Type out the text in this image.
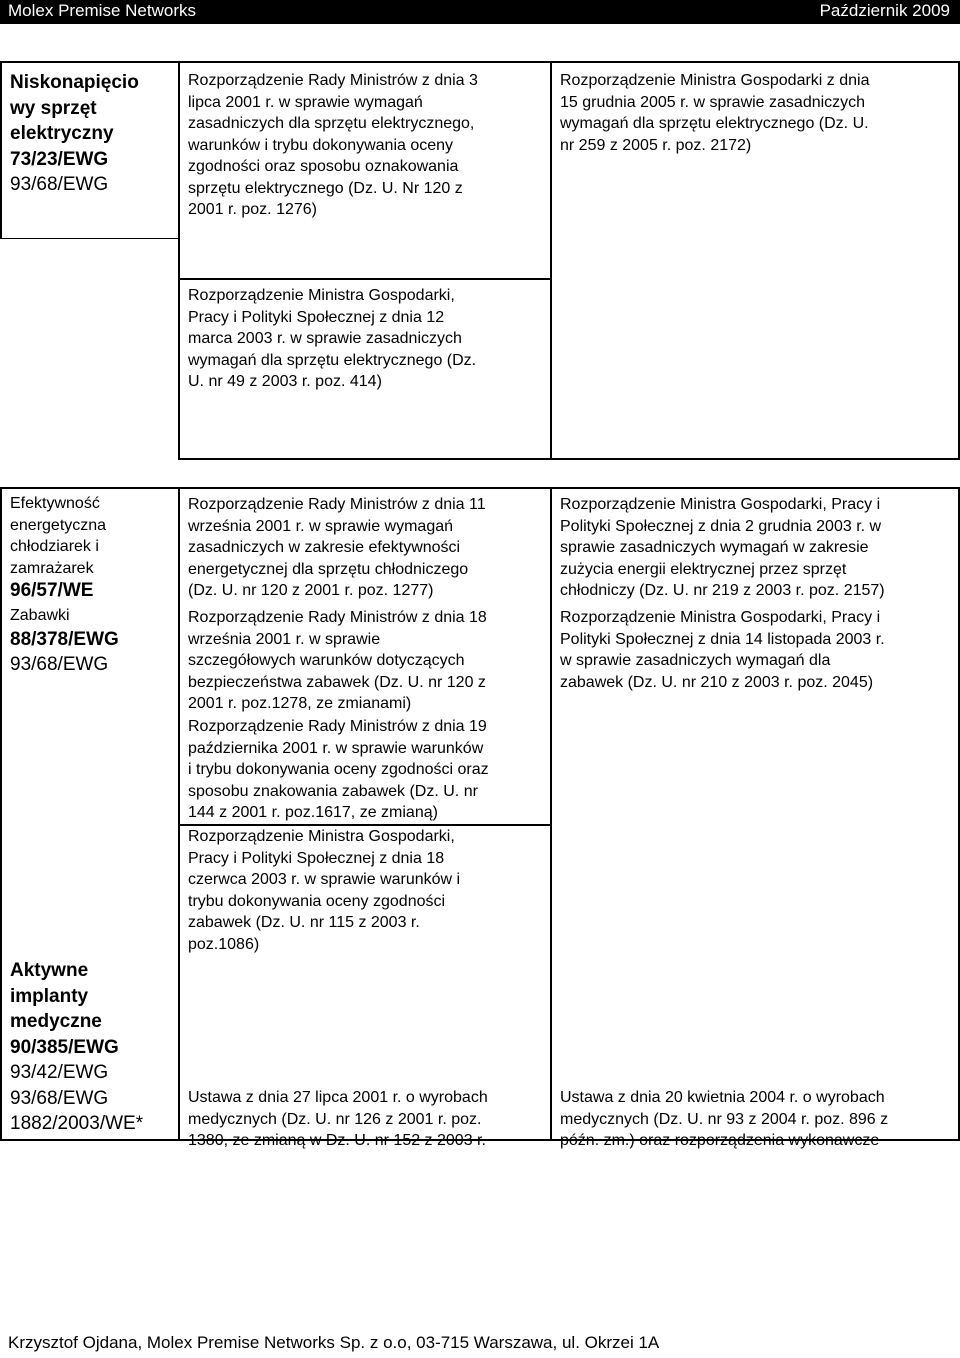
Molex Premise Networks	Październik 2009

Niskonapięcio

wy sprzęt

elektryczny

73/23/EWG

93/68/EWG

Rozporządzenie Rady Ministrów z dnia 3

lipca 2001 r. w sprawie wymagań

zasadniczych dla sprzętu elektrycznego,

warunków i trybu dokonywania oceny

zgodności oraz sposobu oznakowania

sprzętu elektrycznego (Dz. U. Nr 120 z

2001 r. poz. 1276)

Rozporządzenie Ministra Gospodarki,

Pracy i Polityki Społecznej z dnia 12

marca 2003 r. w sprawie zasadniczych

wymagań dla sprzętu elektrycznego (Dz.

U. nr 49 z 2003 r. poz. 414)

Rozporządzenie Ministra Gospodarki z dnia

15 grudnia 2005 r. w sprawie zasadniczych

wymagań dla sprzętu elektrycznego (Dz. U.

nr 259 z 2005 r. poz. 2172)

Efektywność

energetyczna

chłodziarek i

zamrażarek

96/57/WE

Zabawki

88/378/EWG

93/68/EWG

Aktywne

implanty

medyczne

90/385/EWG

93/42/EWG

93/68/EWG

1882/2003/WE*

Rozporządzenie Rady Ministrów z dnia 11

września 2001 r. w sprawie wymagań

zasadniczych w zakresie efektywności

energetycznej dla sprzętu chłodniczego

(Dz. U. nr 120 z 2001 r. poz. 1277)

Rozporządzenie Rady Ministrów z dnia 18

września 2001 r. w sprawie

szczegółowych warunków dotyczących

bezpieczeństwa zabawek (Dz. U. nr 120 z

2001 r. poz.1278, ze zmianami)

Rozporządzenie Rady Ministrów z dnia 19

października 2001 r. w sprawie warunków

i trybu dokonywania oceny zgodności oraz

sposobu znakowania zabawek (Dz. U. nr

144 z 2001 r. poz.1617, ze zmianą)

Rozporządzenie Ministra Gospodarki,

Pracy i Polityki Społecznej z dnia 18

czerwca 2003 r. w sprawie warunków i

trybu dokonywania oceny zgodności

zabawek (Dz. U. nr 115 z 2003 r.

poz.1086)

Ustawa z dnia 27 lipca 2001 r. o wyrobach

medycznych (Dz. U. nr 126 z 2001 r. poz.

1380, ze zmianą w Dz. U. nr 152 z 2003 r.

Rozporządzenie Ministra Gospodarki, Pracy i

Polityki Społecznej z dnia 2 grudnia 2003 r. w

sprawie zasadniczych wymagań w zakresie

zużycia energii elektrycznej przez sprzęt

chłodniczy (Dz. U. nr 219 z 2003 r. poz. 2157)

Rozporządzenie Ministra Gospodarki, Pracy i

Polityki Społecznej z dnia 14 listopada 2003 r.

w sprawie zasadniczych wymagań dla

zabawek (Dz. U. nr 210 z 2003 r. poz. 2045)

Ustawa z dnia 20 kwietnia 2004 r. o wyrobach

medycznych (Dz. U. nr 93 z 2004 r. poz. 896 z

późn. zm.) oraz rozporządzenia wykonawcze

Krzysztof Ojdana, Molex Premise Networks Sp. z o.o, 03-715 Warszawa, ul. Okrzei 1A
